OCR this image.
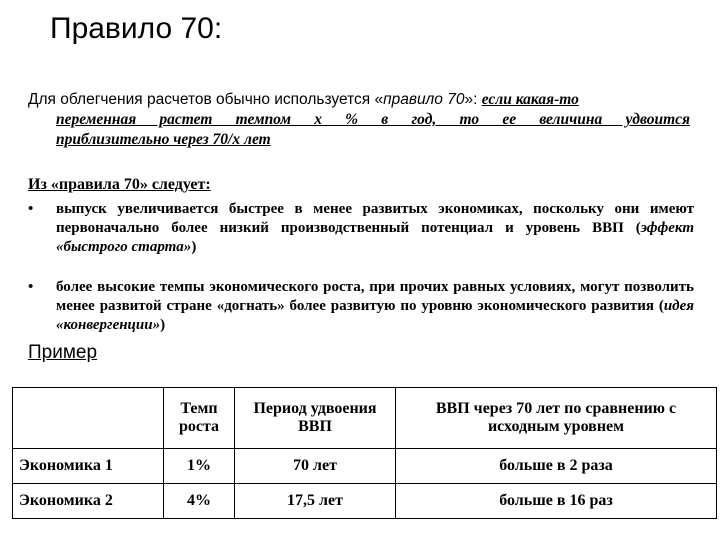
Правило 70:
Для облегчения расчетов обычно используется «правило 70»: если какая-то
переменная растет темпом х % в год, то ее величина удвоится
приблизительно через 70/х лет
Из «правила 70» следует:
• выпуск увеличивается быстрее в менее развитых экономиках, поскольку они имеют первоначально более низкий производственный потенциал и уровень ВВП (эффект «быстрого старта»)
• более высокие темпы экономического роста, при прочих равных условиях, могут позволить менее развитой стране «догнать» более развитую по уровню экономического развития (идея «конвергенции»)
Пример
	Темп роста	Период удвоения ВВП	ВВП через 70 лет по сравнению с исходным уровнем
Экономика 1	1%	70 лет	больше в 2 раза
Экономика 2	4%	17,5 лет	больше в 16 раз
